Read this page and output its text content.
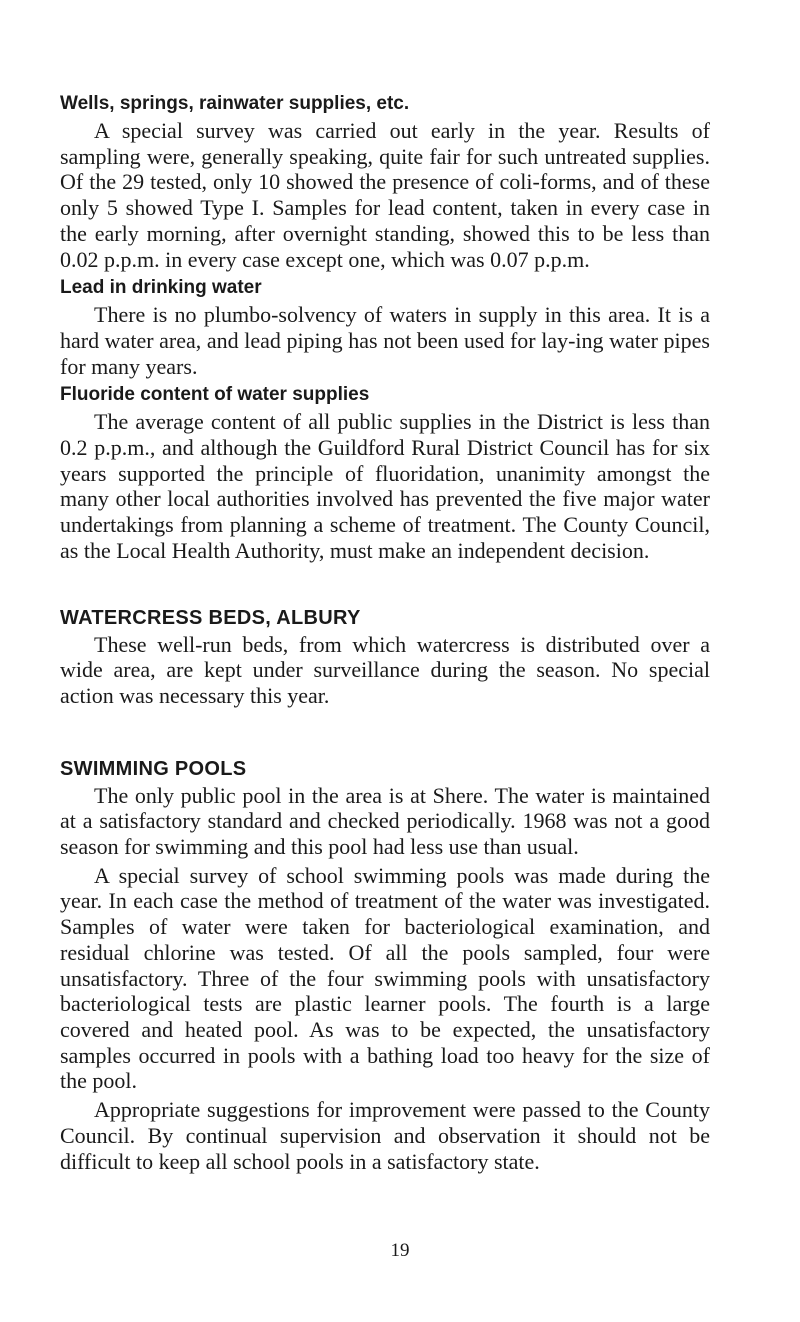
Wells, springs, rainwater supplies, etc.

A special survey was carried out early in the year. Results of sampling were, generally speaking, quite fair for such untreated supplies. Of the 29 tested, only 10 showed the presence of coli-forms, and of these only 5 showed Type I. Samples for lead content, taken in every case in the early morning, after overnight standing, showed this to be less than 0.02 p.p.m. in every case except one, which was 0.07 p.p.m.

Lead in drinking water

There is no plumbo-solvency of waters in supply in this area. It is a hard water area, and lead piping has not been used for lay-ing water pipes for many years.

Fluoride content of water supplies

The average content of all public supplies in the District is less than 0.2 p.p.m., and although the Guildford Rural District Council has for six years supported the principle of fluoridation, unanimity amongst the many other local authorities involved has prevented the five major water undertakings from planning a scheme of treatment. The County Council, as the Local Health Authority, must make an independent decision.

WATERCRESS BEDS, ALBURY

These well-run beds, from which watercress is distributed over a wide area, are kept under surveillance during the season. No special action was necessary this year.

SWIMMING POOLS

The only public pool in the area is at Shere. The water is maintained at a satisfactory standard and checked periodically. 1968 was not a good season for swimming and this pool had less use than usual.

A special survey of school swimming pools was made during the year. In each case the method of treatment of the water was investigated. Samples of water were taken for bacteriological examination, and residual chlorine was tested. Of all the pools sampled, four were unsatisfactory. Three of the four swimming pools with unsatisfactory bacteriological tests are plastic learner pools. The fourth is a large covered and heated pool. As was to be expected, the unsatisfactory samples occurred in pools with a bathing load too heavy for the size of the pool.

Appropriate suggestions for improvement were passed to the County Council. By continual supervision and observation it should not be difficult to keep all school pools in a satisfactory state.

19
